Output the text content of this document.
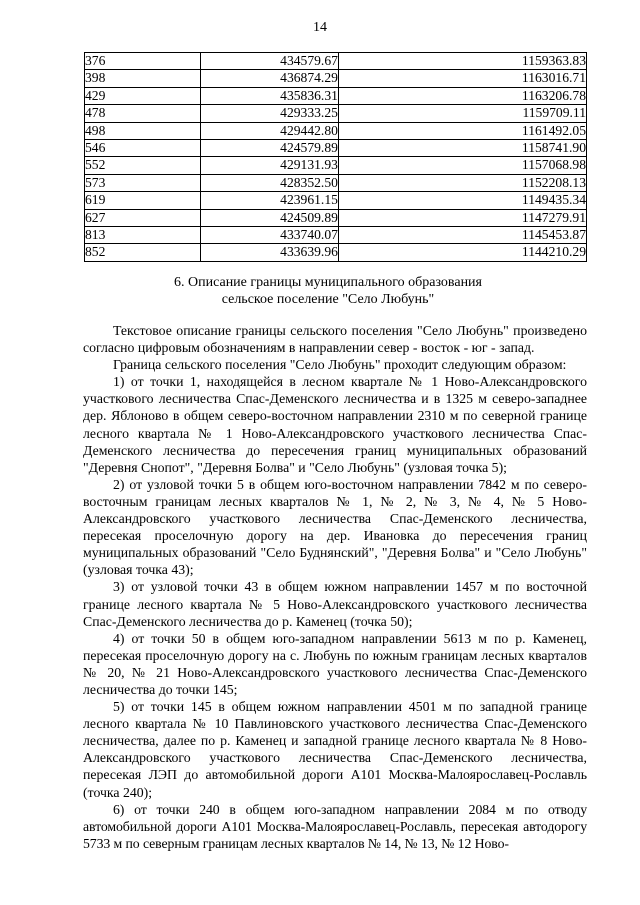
14
376	434579.67	1159363.83
398	436874.29	1163016.71
429	435836.31	1163206.78
478	429333.25	1159709.11
498	429442.80	1161492.05
546	424579.89	1158741.90
552	429131.93	1157068.98
573	428352.50	1152208.13
619	423961.15	1149435.34
627	424509.89	1147279.91
813	433740.07	1145453.87
852	433639.96	1144210.29
6. Описание границы муниципального образования
сельское поселение "Село Любунь"

Текстовое описание границы сельского поселения "Село Любунь" произведено согласно цифровым обозначениям в направлении север - восток - юг - запад.

Граница сельского поселения "Село Любунь" проходит следующим образом:

1) от точки 1, находящейся в лесном квартале № 1 Ново-Александровского участкового лесничества Спас-Деменского лесничества и в 1325 м северо-западнее дер. Яблоново в общем северо-восточном направлении 2310 м по северной границе лесного квартала № 1 Ново-Александровского участкового лесничества Спас-Деменского лесничества до пересечения границ муниципальных образований "Деревня Снопот", "Деревня Болва" и "Село Любунь" (узловая точка 5);

2) от узловой точки 5 в общем юго-восточном направлении 7842 м по северо-восточным границам лесных кварталов № 1, № 2, № 3, № 4, № 5 Ново-Александровского участкового лесничества Спас-Деменского лесничества, пересекая проселочную дорогу на дер. Ивановка до пересечения границ муниципальных образований "Село Буднянский", "Деревня Болва" и "Село Любунь" (узловая точка 43);

3) от узловой точки 43 в общем южном направлении 1457 м по восточной границе лесного квартала № 5 Ново-Александровского участкового лесничества Спас-Деменского лесничества до р. Каменец (точка 50);

4) от точки 50 в общем юго-западном направлении 5613 м по р. Каменец, пересекая проселочную дорогу на с. Любунь по южным границам лесных кварталов № 20, № 21 Ново-Александровского участкового лесничества Спас-Деменского лесничества до точки 145;

5) от точки 145 в общем южном направлении 4501 м по западной границе лесного квартала № 10 Павлиновского участкового лесничества Спас-Деменского лесничества, далее по р. Каменец и западной границе лесного квартала № 8 Ново-Александровского участкового лесничества Спас-Деменского лесничества, пересекая ЛЭП до автомобильной дороги А101 Москва-Малоярославец-Рославль (точка 240);

6) от точки 240 в общем юго-западном направлении 2084 м по отводу автомобильной дороги А101 Москва-Малоярославец-Рославль, пересекая автодорогу 5733 м по северным границам лесных кварталов № 14, № 13, № 12 Ново-
